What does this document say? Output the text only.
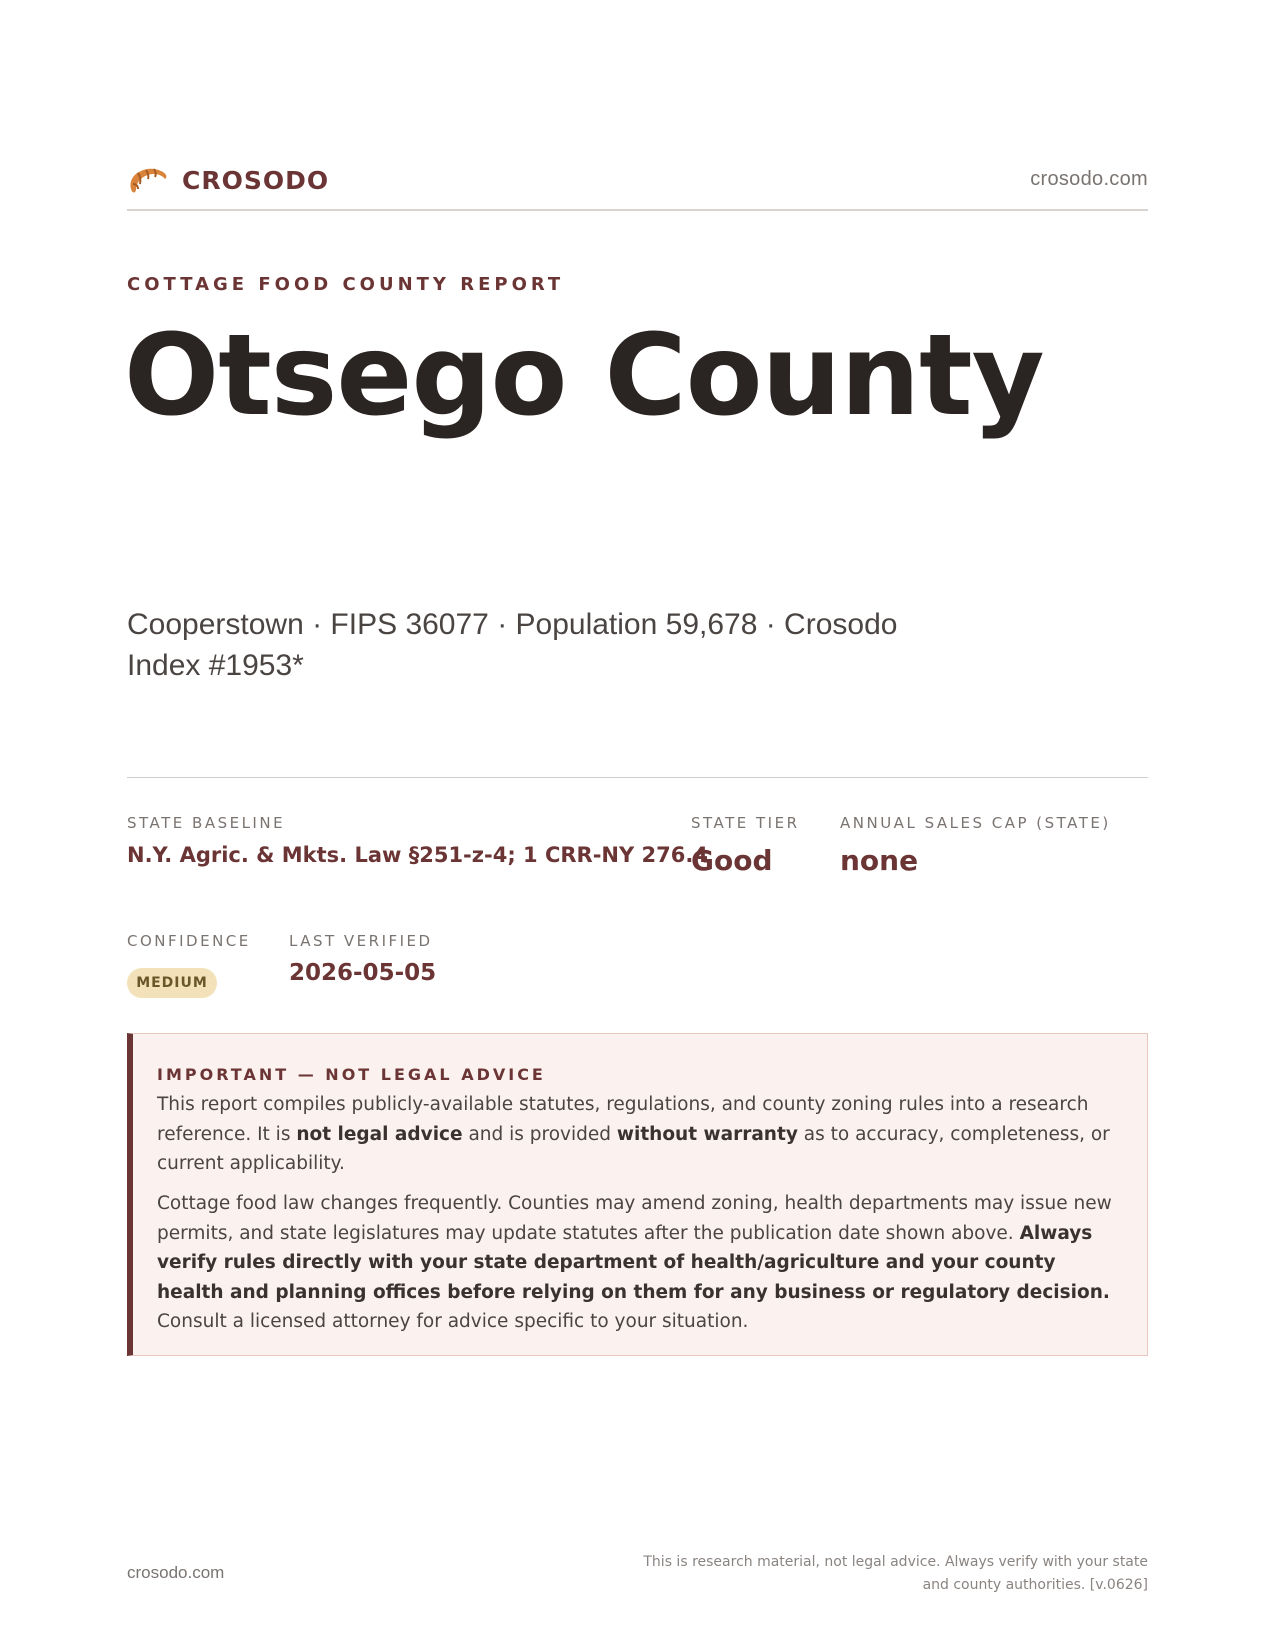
CROSODO	crosodo.com
COTTAGE FOOD COUNTY REPORT
Otsego County
Cooperstown · FIPS 36077 · Population 59,678 · Crosodo Index #1953*
STATE BASELINE
N.Y. Agric. & Mkts. Law §251-z-4; 1 CRR-NY 276.4
STATE TIER
Good
ANNUAL SALES CAP (STATE)
none
CONFIDENCE
MEDIUM
LAST VERIFIED
2026-05-05
IMPORTANT — NOT LEGAL ADVICE

This report compiles publicly-available statutes, regulations, and county zoning rules into a research reference. It is not legal advice and is provided without warranty as to accuracy, completeness, or current applicability.

Cottage food law changes frequently. Counties may amend zoning, health departments may issue new permits, and state legislatures may update statutes after the publication date shown above. Always verify rules directly with your state department of health/agriculture and your county health and planning offices before relying on them for any business or regulatory decision. Consult a licensed attorney for advice specific to your situation.

crosodo.com
This is research material, not legal advice. Always verify with your state
and county authorities. [v.0626]
